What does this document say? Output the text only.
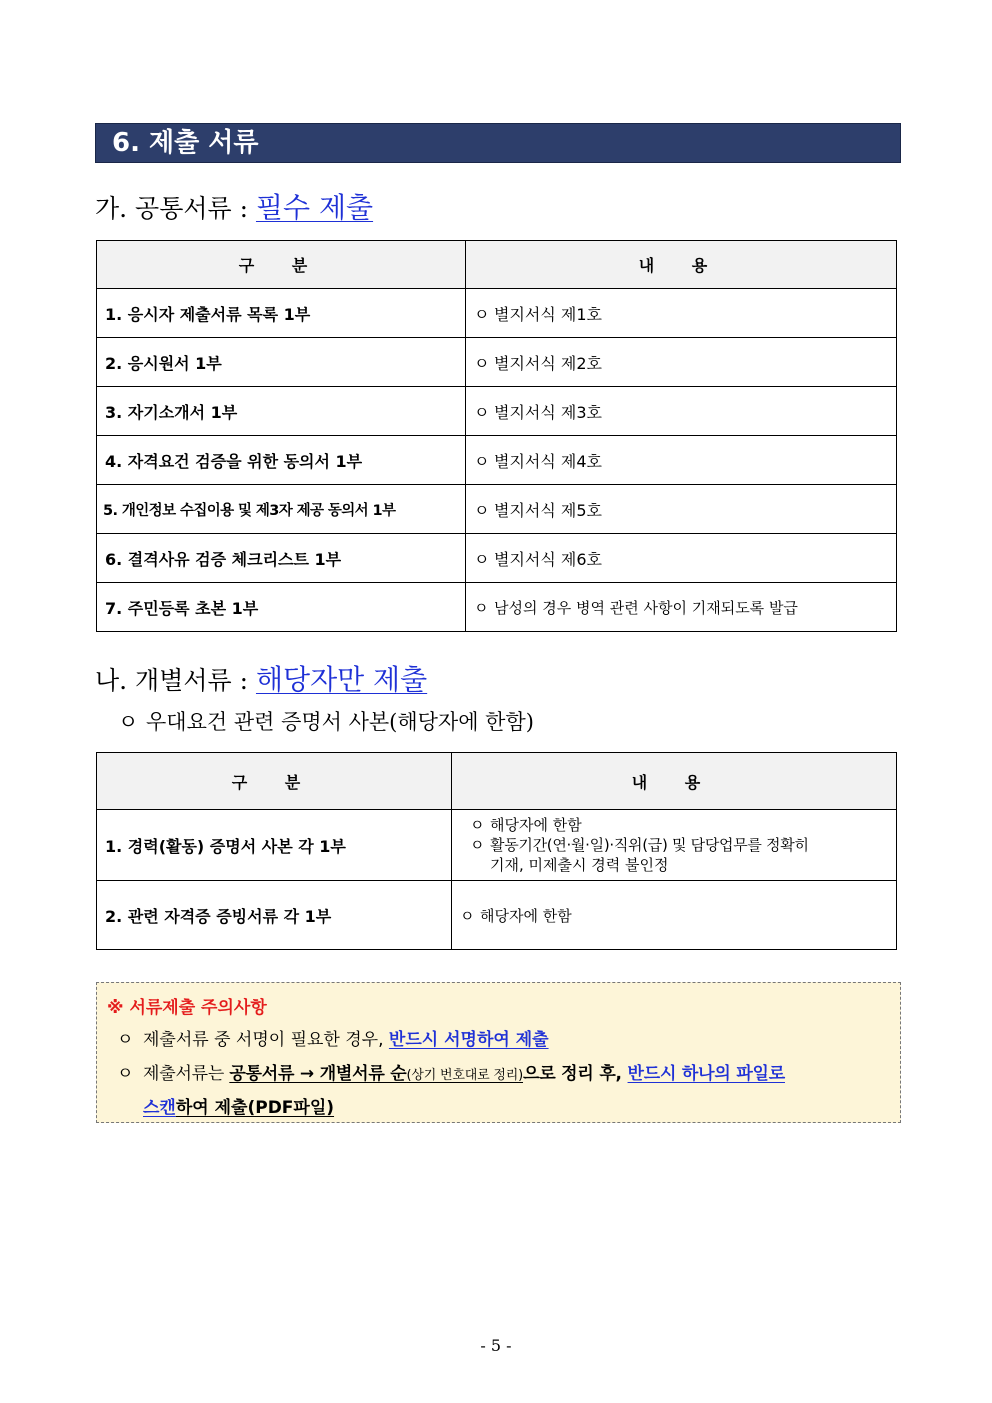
6. 제출 서류
가. 공통서류 : 필수 제출
구 분	내 용
1. 응시자 제출서류 목록 1부	ㅇ 별지서식 제1호
2. 응시원서 1부	ㅇ 별지서식 제2호
3. 자기소개서 1부	ㅇ 별지서식 제3호
4. 자격요건 검증을 위한 동의서 1부	ㅇ 별지서식 제4호
5. 개인정보 수집이용 및 제3자 제공 동의서 1부	ㅇ 별지서식 제5호
6. 결격사유 검증 체크리스트 1부	ㅇ 별지서식 제6호
7. 주민등록 초본 1부	ㅇ 남성의 경우 병역 관련 사항이 기재되도록 발급
나. 개별서류 : 해당자만 제출
ㅇ 우대요건 관련 증명서 사본(해당자에 한함)
구 분	내 용
1. 경력(활동) 증명서 사본 각 1부	ㅇ 해당자에 한함
ㅇ 활동기간(연·월·일)·직위(급) 및 담당업무를 정확히
기재, 미제출시 경력 불인정

2. 관련 자격증 증빙서류 각 1부	ㅇ 해당자에 한함
※ 서류제출 주의사항
ㅇ 제출서류 중 서명이 필요한 경우, 반드시 서명하여 제출
ㅇ 제출서류는 공통서류 → 개별서류 순(상기 번호대로 정리)으로 정리 후, 반드시 하나의 파일로
스캔하여 제출(PDF파일)
- 5 -
